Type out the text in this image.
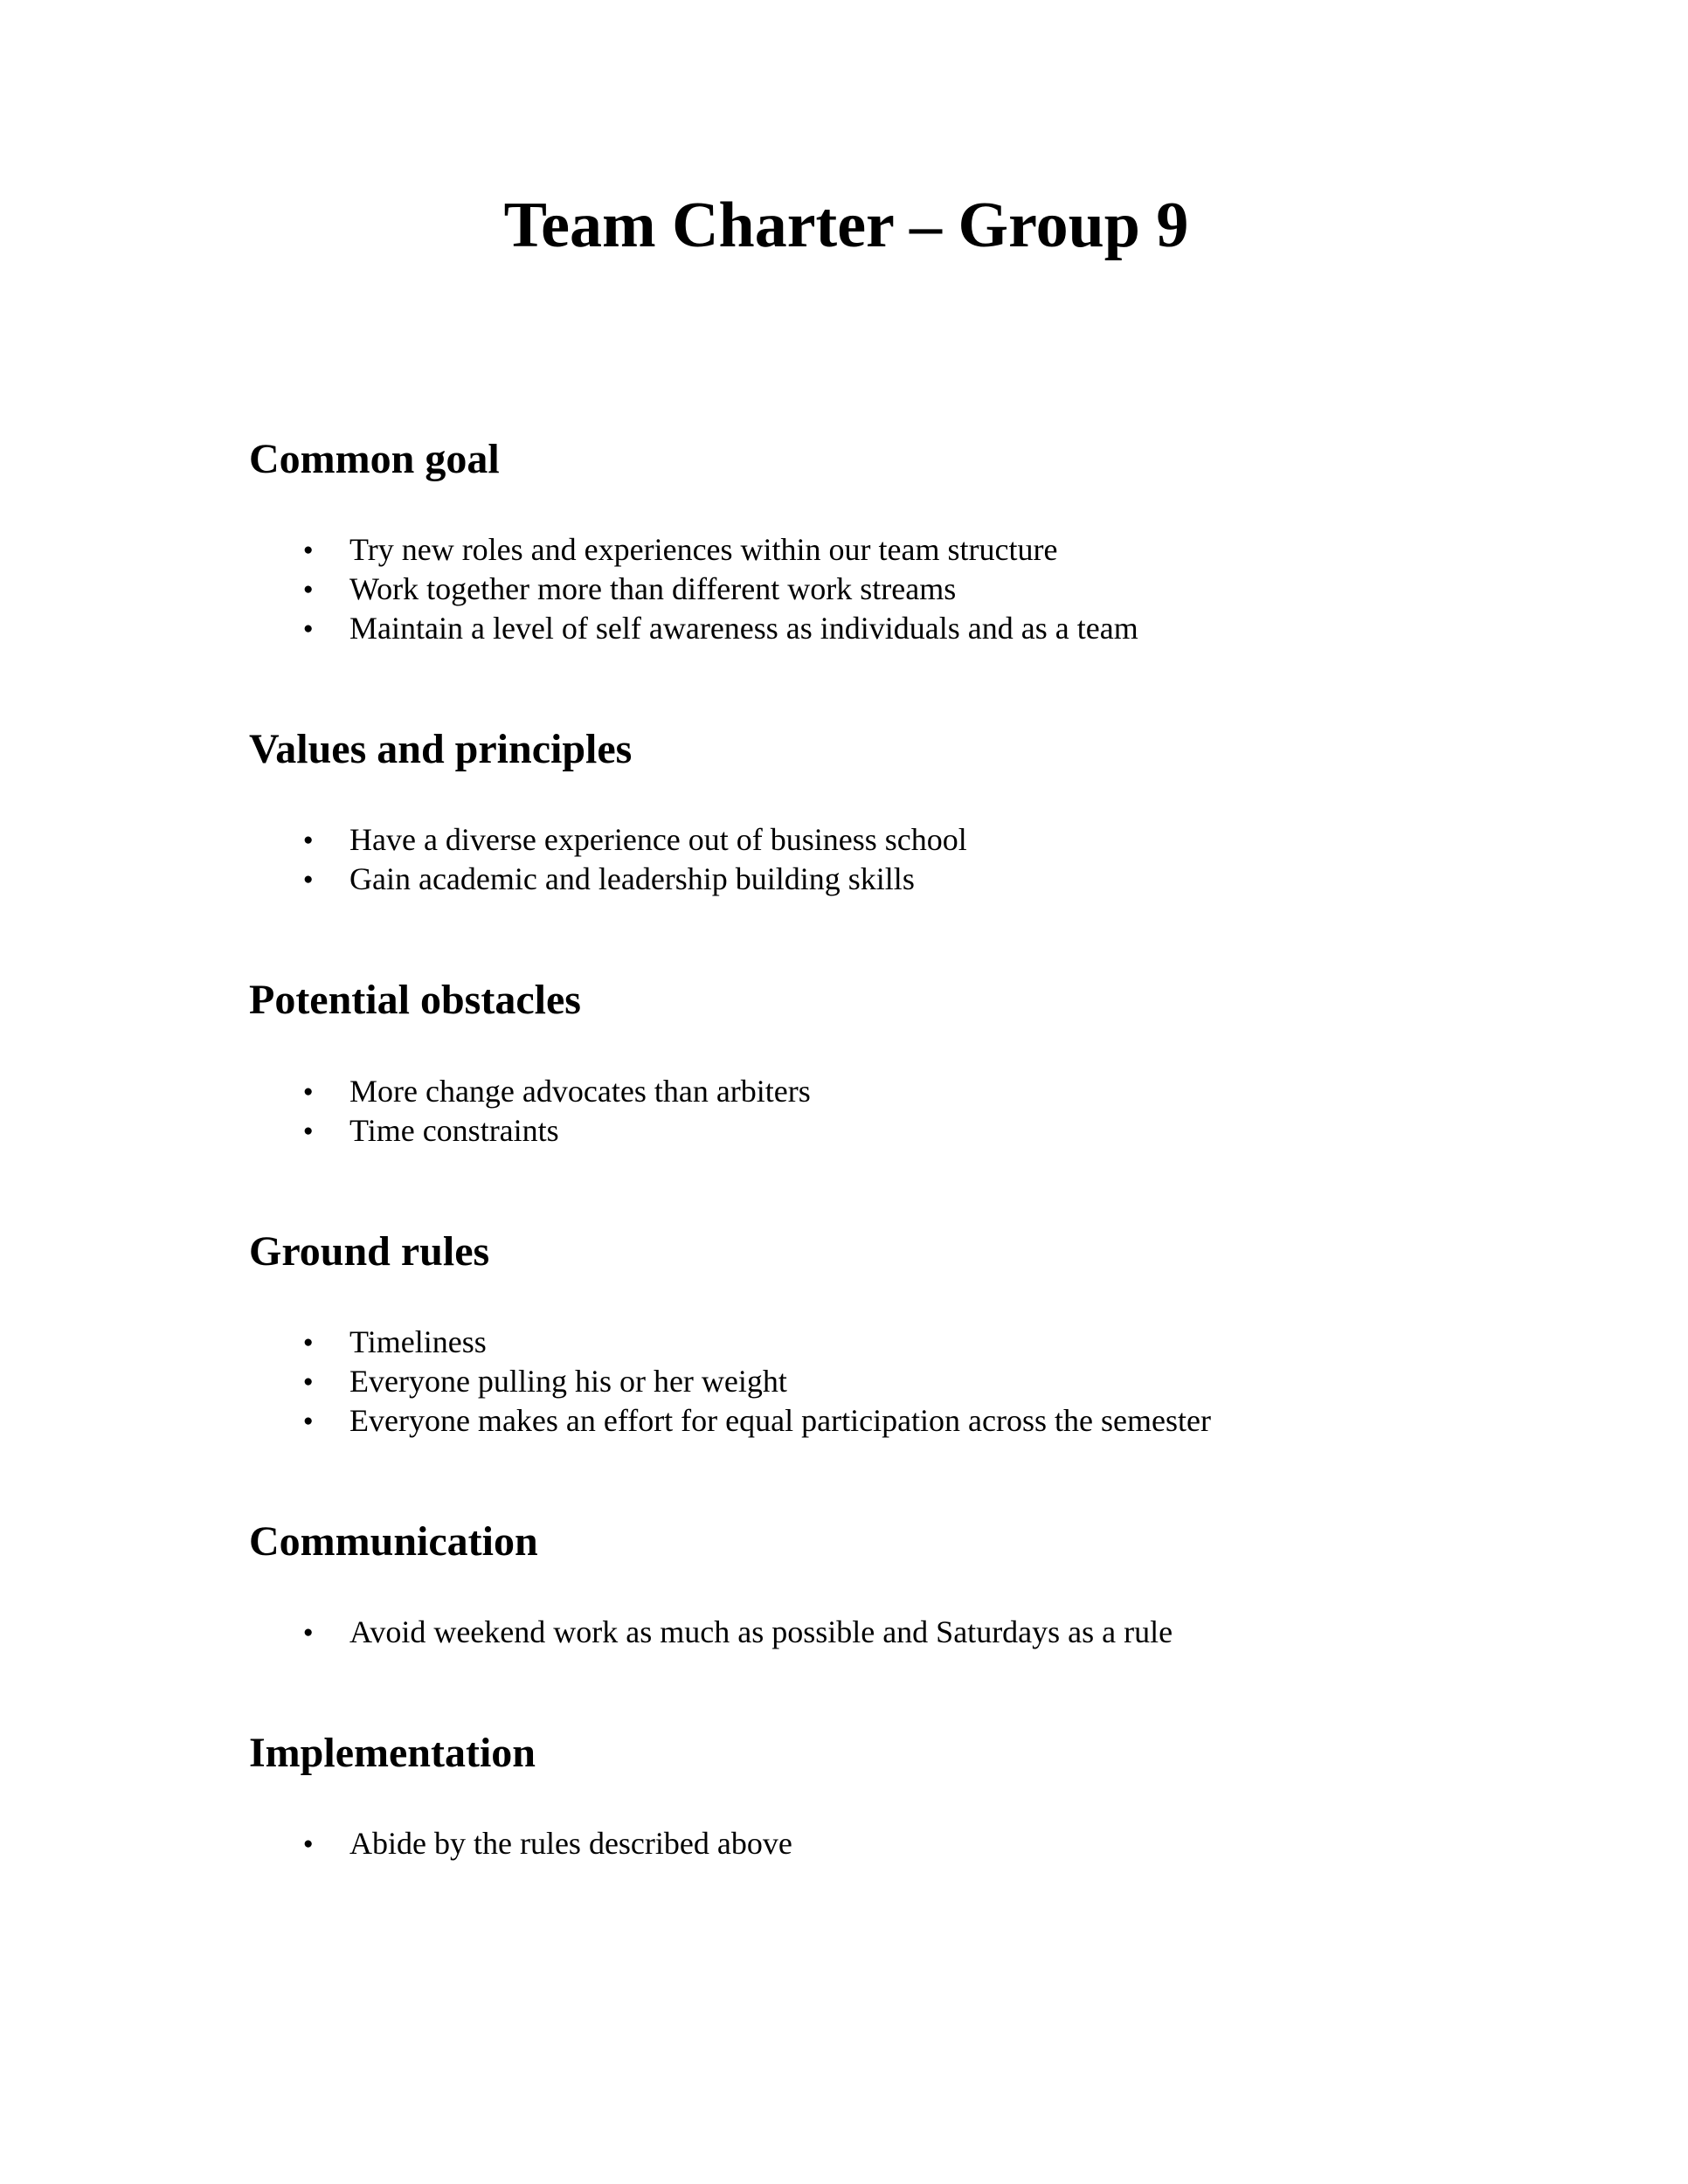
Team Charter – Group 9
Common goal
● Try new roles and experiences within our team structure
● Work together more than different work streams
● Maintain a level of self awareness as individuals and as a team
Values and principles
● Have a diverse experience out of business school
● Gain academic and leadership building skills
Potential obstacles
● More change advocates than arbiters
● Time constraints
Ground rules
● Timeliness
● Everyone pulling his or her weight
● Everyone makes an effort for equal participation across the semester
Communication
● Avoid weekend work as much as possible and Saturdays as a rule
Implementation
● Abide by the rules described above
